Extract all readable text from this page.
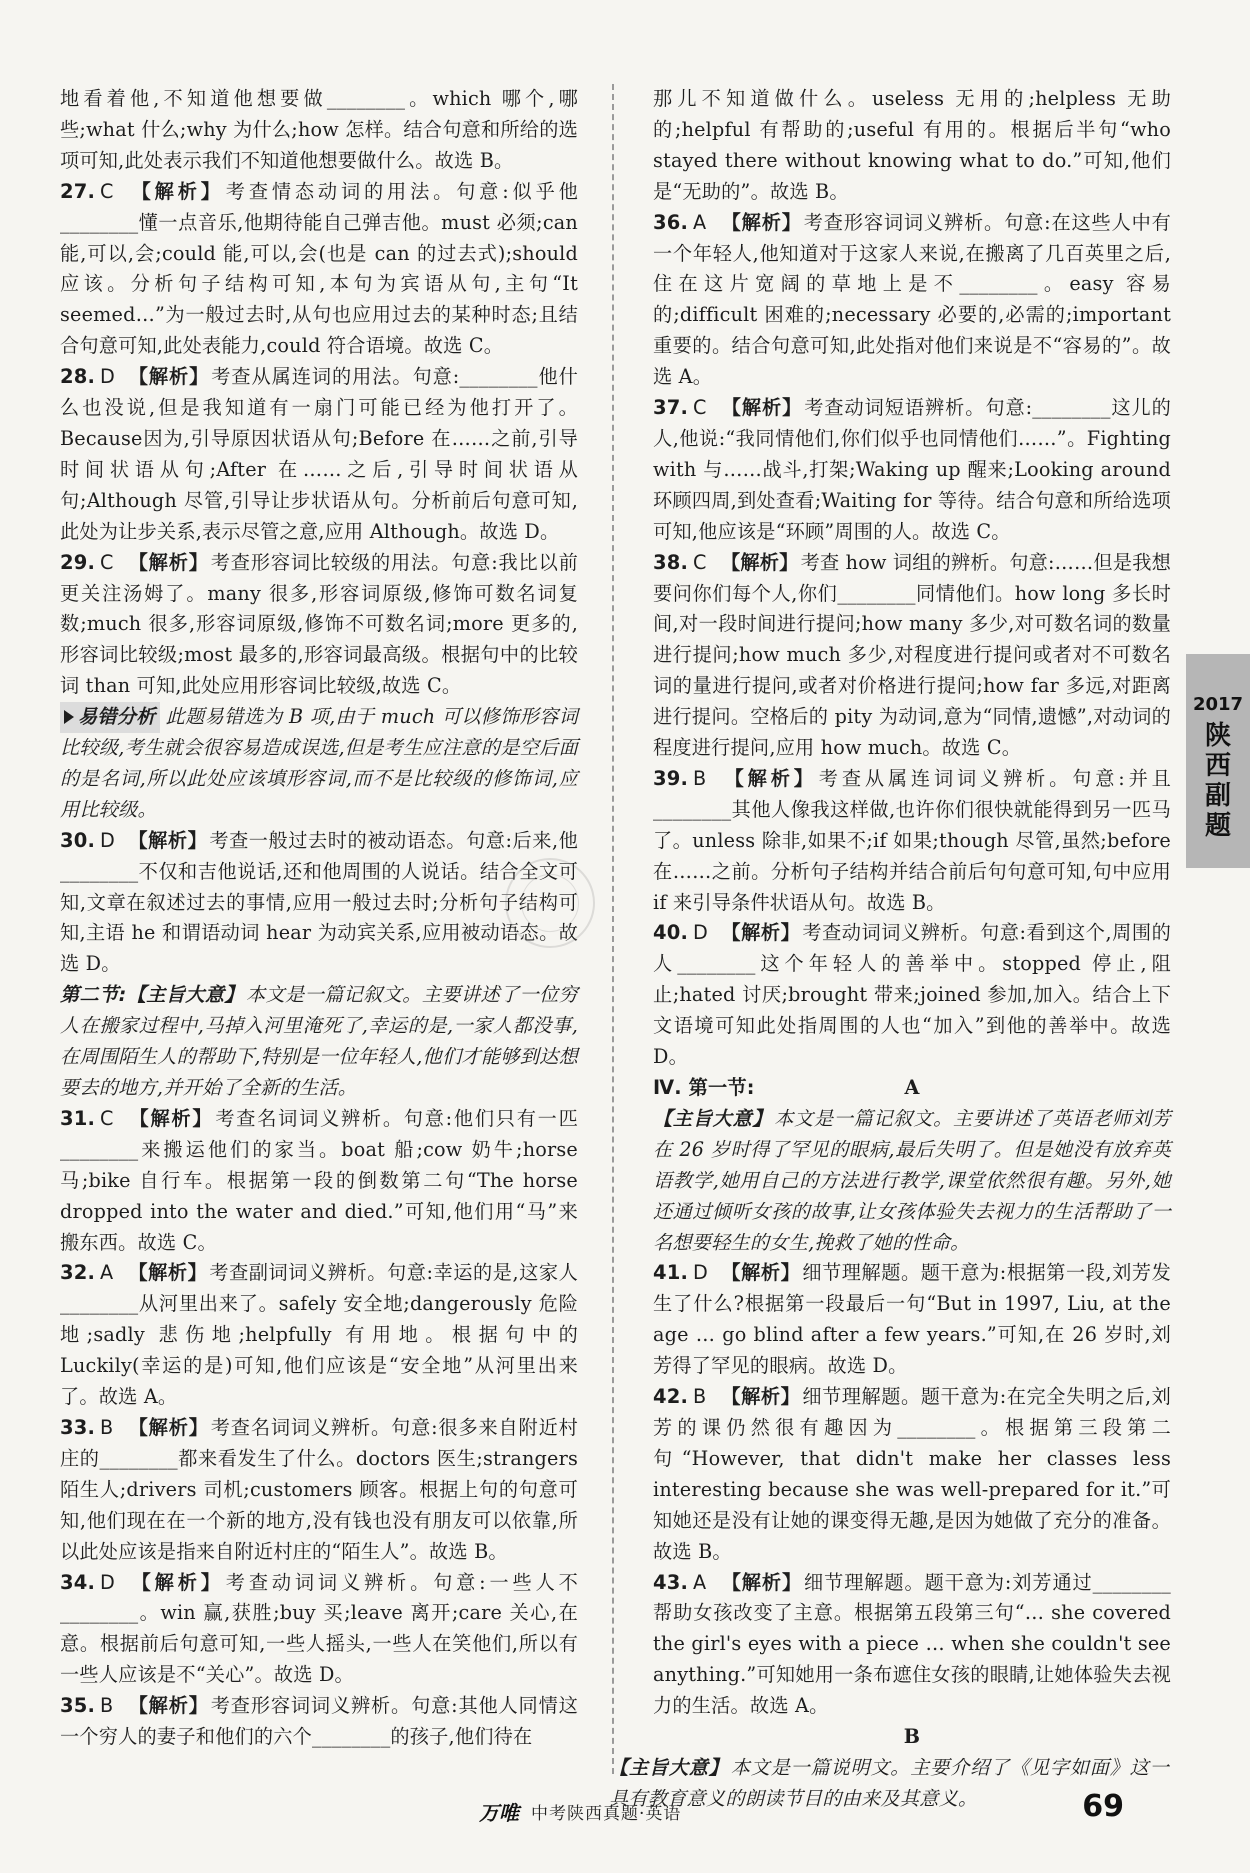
地看着他,不知道他想要做________。which 哪个,哪些;what 什么;why 为什么;how 怎样。结合句意和所给的选项可知,此处表示我们不知道他想要做什么。故选 B。

27. C 【解析】 考查情态动词的用法。句意:似乎他________懂一点音乐,他期待能自己弹吉他。must 必须;can 能,可以,会;could 能,可以,会(也是 can 的过去式);should 应该。分析句子结构可知,本句为宾语从句,主句“It seemed…”为一般过去时,从句也应用过去的某种时态;且结合句意可知,此处表能力,could 符合语境。故选 C。
28. D 【解析】 考查从属连词的用法。句意:________他什么也没说,但是我知道有一扇门可能已经为他打开了。Because因为,引导原因状语从句;Before 在……之前,引导时间状语从句;After 在……之后,引导时间状语从句;Although 尽管,引导让步状语从句。分析前后句意可知,此处为让步关系,表示尽管之意,应用 Although。故选 D。
29. C 【解析】 考查形容词比较级的用法。句意:我比以前更关注汤姆了。many 很多,形容词原级,修饰可数名词复数;much 很多,形容词原级,修饰不可数名词;more 更多的,形容词比较级;most 最多的,形容词最高级。根据句中的比较词 than 可知,此处应用形容词比较级,故选 C。
易错分析 此题易错选为 B 项,由于 much 可以修饰形容词比较级,考生就会很容易造成误选,但是考生应注意的是空后面的是名词,所以此处应该填形容词,而不是比较级的修饰词,应用比较级。
30. D 【解析】 考查一般过去时的被动语态。句意:后来,他________不仅和吉他说话,还和他周围的人说话。结合全文可知,文章在叙述过去的事情,应用一般过去时;分析句子结构可知,主语 he 和谓语动词 hear 为动宾关系,应用被动语态。故选 D。
第二节:【主旨大意】 本文是一篇记叙文。主要讲述了一位穷人在搬家过程中,马掉入河里淹死了,幸运的是,一家人都没事,在周围陌生人的帮助下,特别是一位年轻人,他们才能够到达想要去的地方,并开始了全新的生活。
31. C 【解析】 考查名词词义辨析。句意:他们只有一匹________来搬运他们的家当。boat 船;cow 奶牛;horse 马;bike 自行车。根据第一段的倒数第二句“The horse dropped into the water and died.”可知,他们用“马”来搬东西。故选 C。
32. A 【解析】 考查副词词义辨析。句意:幸运的是,这家人________从河里出来了。safely 安全地;dangerously 危险地;sadly 悲伤地;helpfully 有用地。根据句中的 Luckily(幸运的是)可知,他们应该是“安全地”从河里出来了。故选 A。
33. B 【解析】 考查名词词义辨析。句意:很多来自附近村庄的________都来看发生了什么。doctors 医生;strangers 陌生人;drivers 司机;customers 顾客。根据上句的句意可知,他们现在在一个新的地方,没有钱也没有朋友可以依靠,所以此处应该是指来自附近村庄的“陌生人”。故选 B。
34. D 【解析】 考查动词词义辨析。句意:一些人不________。win 赢,获胜;buy 买;leave 离开;care 关心,在意。根据前后句意可知,一些人摇头,一些人在笑他们,所以有一些人应该是不“关心”。故选 D。
35. B 【解析】 考查形容词词义辨析。句意:其他人同情这一个穷人的妻子和他们的六个________的孩子,他们待在

那儿不知道做什么。useless 无用的;helpless 无助的;helpful 有帮助的;useful 有用的。根据后半句“who stayed there without knowing what to do.”可知,他们是“无助的”。故选 B。

36. A 【解析】 考查形容词词义辨析。句意:在这些人中有一个年轻人,他知道对于这家人来说,在搬离了几百英里之后,住在这片宽阔的草地上是不________。easy 容易的;difficult 困难的;necessary 必要的,必需的;important 重要的。结合句意可知,此处指对他们来说是不“容易的”。故选 A。
37. C 【解析】 考查动词短语辨析。句意:________这儿的人,他说:“我同情他们,你们似乎也同情他们……”。Fighting with 与……战斗,打架;Waking up 醒来;Looking around 环顾四周,到处查看;Waiting for 等待。结合句意和所给选项可知,他应该是“环顾”周围的人。故选 C。
38. C 【解析】 考查 how 词组的辨析。句意:……但是我想要问你们每个人,你们________同情他们。how long 多长时间,对一段时间进行提问;how many 多少,对可数名词的数量进行提问;how much 多少,对程度进行提问或者对不可数名词的量进行提问,或者对价格进行提问;how far 多远,对距离进行提问。空格后的 pity 为动词,意为“同情,遗憾”,对动词的程度进行提问,应用 how much。故选 C。
39. B 【解析】 考查从属连词词义辨析。句意:并且________其他人像我这样做,也许你们很快就能得到另一匹马了。unless 除非,如果不;if 如果;though 尽管,虽然;before 在……之前。分析句子结构并结合前后句句意可知,句中应用 if 来引导条件状语从句。故选 B。
40. D 【解析】 考查动词词义辨析。句意:看到这个,周围的人________这个年轻人的善举中。stopped 停止,阻止;hated 讨厌;brought 带来;joined 参加,加入。结合上下文语境可知此处指周围的人也“加入”到他的善举中。故选 D。
Ⅳ. 第一节:	A
【主旨大意】 本文是一篇记叙文。主要讲述了英语老师刘芳在 26 岁时得了罕见的眼病,最后失明了。但是她没有放弃英语教学,她用自己的方法进行教学,课堂依然很有趣。另外,她还通过倾听女孩的故事,让女孩体验失去视力的生活帮助了一名想要轻生的女生,挽救了她的性命。
41. D 【解析】 细节理解题。题干意为:根据第一段,刘芳发生了什么?根据第一段最后一句“But in 1997, Liu, at the age … go blind after a few years.”可知,在 26 岁时,刘芳得了罕见的眼病。故选 D。
42. B 【解析】 细节理解题。题干意为:在完全失明之后,刘芳的课仍然很有趣因为________。根据第三段第二句“However, that didn't make her classes less interesting because she was well-prepared for it.”可知她还是没有让她的课变得无趣,是因为她做了充分的准备。故选 B。
43. A 【解析】 细节理解题。题干意为:刘芳通过________帮助女孩改变了主意。根据第五段第三句“… she covered the girl's eyes with a piece … when she couldn't see anything.”可知她用一条布遮住女孩的眼睛,让她体验失去视力的生活。故选 A。
B
【主旨大意】 本文是一篇说明文。主要介绍了《见字如面》这一具有教育意义的朗读节目的由来及其意义。
2017
陕西副题
万唯 中考陕西真题·英语	69
